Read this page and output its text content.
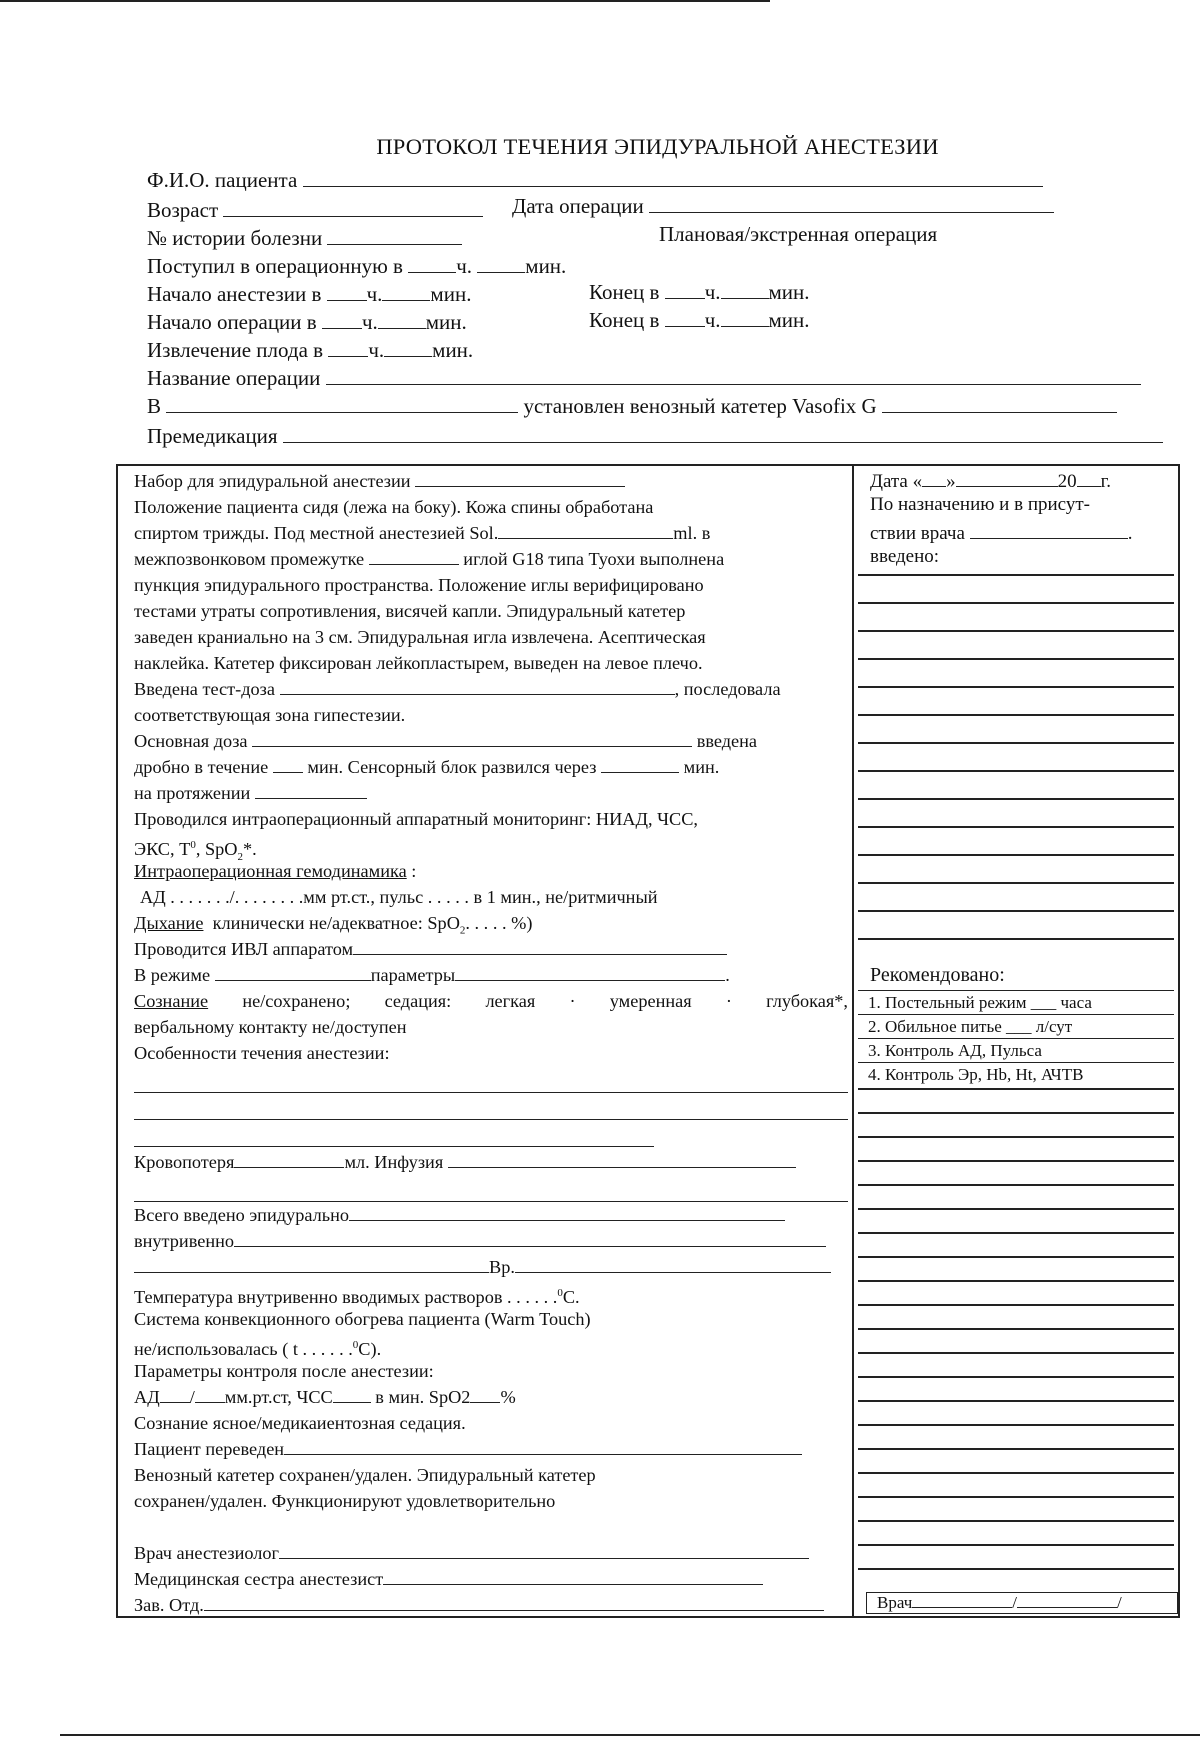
ПРОТОКОЛ ТЕЧЕНИЯ ЭПИДУРАЛЬНОЙ АНЕСТЕЗИИ
Ф.И.О. пациента
Возраст	Дата операции
№ истории болезни	Плановая/экстренная операция
Поступил в операционную в	ч.	мин.
Начало анестезии в ч. мин.	Конец в ч. мин.
Начало операции в ч. мин.	Конец в ч. мин.
Извлечение плода в ч. мин.
Название операции
В	установлен венозный катетер Vasofix G
Премедикация
Набор для эпидуральной анестезии
Положение пациента сидя (лежа на боку). Кожа спины обработана
спиртом трижды. Под местной анестезией Sol.	ml. в
межпозвонковом промежутке	иглой G18 типа Туохи выполнена
пункция эпидурального пространства. Положение иглы верифицировано
тестами утраты сопротивления, висячей капли. Эпидуральный катетер
заведен краниально на 3 см. Эпидуральная игла извлечена. Асептическая
наклейка. Катетер фиксирован лейкопластырем, выведен на левое плечо.
Введена тест-доза	, последовала
соответствующая зона гипестезии.
Основная доза	введена
дробно в течение мин. Сенсорный блок развился через	мин.
на протяжении
Проводился интраоперационный аппаратный мониторинг: НИАД, ЧСС,
ЭКС, $Т^0$, SpO$_2$*.
Интраоперационная гемодинамика :
АД . . . . . . ./. . . . . . . .мм рт.ст., пульс . . . . . в 1 мин., не/ритмичный
Дыхание клинически не/адекватное: SpO$_2$. . . . . %)
Проводится ИВЛ аппаратом
В режиме	параметры	.
Сознание не/сохранено; седация: легкая · умеренная · глубокая*,
вербальному контакту не/доступен
Особенности течения анестезии:
Кровопотеря	мл. Инфузия
Всего введено эпидурально
внутривенно
Вр.
Температура внутривенно вводимых растворов . . . . . .$^0$С.
Система конвекционного обогрева пациента (Warm Touch)
не/использовалась ( t . . . . . .$^0$С).
Параметры контроля после анестезии:
АД / мм.рт.ст, ЧСС в мин. SpO2 %
Сознание ясное/медикаиентозная седация.
Пациент переведен
Венозный катетер сохранен/удален. Эпидуральный катетер
сохранен/удален. Функционируют удовлетворительно
Врач анестезиолог
Медицинская сестра анестезист
Зав. Отд.
Дата « »	20 г.
По назначению и в присут-
ствии врача	.
введено:
Рекомендовано:
1. Постельный режим ___ часа
2. Обильное питье ___ л/сут
3. Контроль АД, Пульса
4. Контроль Эр, Hb, Ht, АЧТВ
Врач	/	/
